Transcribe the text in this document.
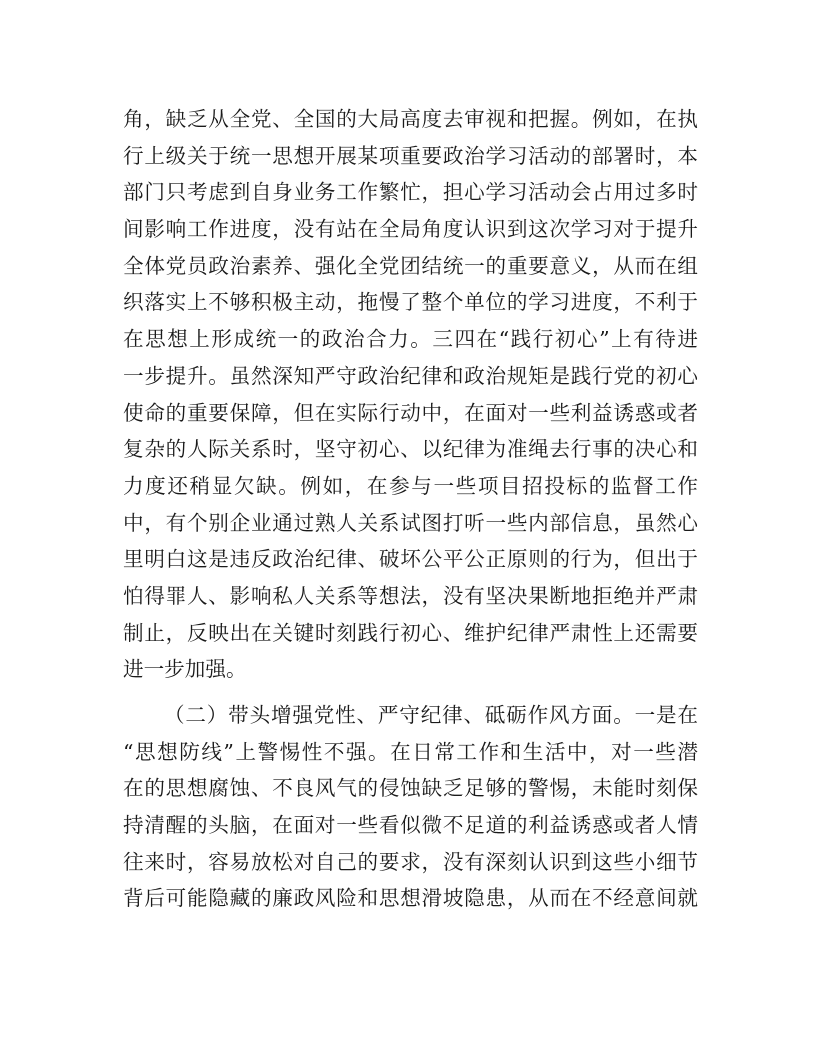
角，缺乏从全党、全国的大局高度去审视和把握。例如，在执
行上级关于统一思想开展某项重要政治学习活动的部署时，本
部门只考虑到自身业务工作繁忙，担心学习活动会占用过多时
间影响工作进度，没有站在全局角度认识到这次学习对于提升
全体党员政治素养、强化全党团结统一的重要意义，从而在组
织落实上不够积极主动，拖慢了整个单位的学习进度，不利于
在思想上形成统一的政治合力。三四在“践行初心”上有待进
一步提升。虽然深知严守政治纪律和政治规矩是践行党的初心
使命的重要保障，但在实际行动中，在面对一些利益诱惑或者
复杂的人际关系时，坚守初心、以纪律为准绳去行事的决心和
力度还稍显欠缺。例如，在参与一些项目招投标的监督工作
中，有个别企业通过熟人关系试图打听一些内部信息，虽然心
里明白这是违反政治纪律、破坏公平公正原则的行为，但出于
怕得罪人、影响私人关系等想法，没有坚决果断地拒绝并严肃
制止，反映出在关键时刻践行初心、维护纪律严肃性上还需要
进一步加强。
（二）带头增强党性、严守纪律、砥砺作风方面。一是在
“思想防线”上警惕性不强。在日常工作和生活中，对一些潜
在的思想腐蚀、不良风气的侵蚀缺乏足够的警惕，未能时刻保
持清醒的头脑，在面对一些看似微不足道的利益诱惑或者人情
往来时，容易放松对自己的要求，没有深刻认识到这些小细节
背后可能隐藏的廉政风险和思想滑坡隐患，从而在不经意间就
